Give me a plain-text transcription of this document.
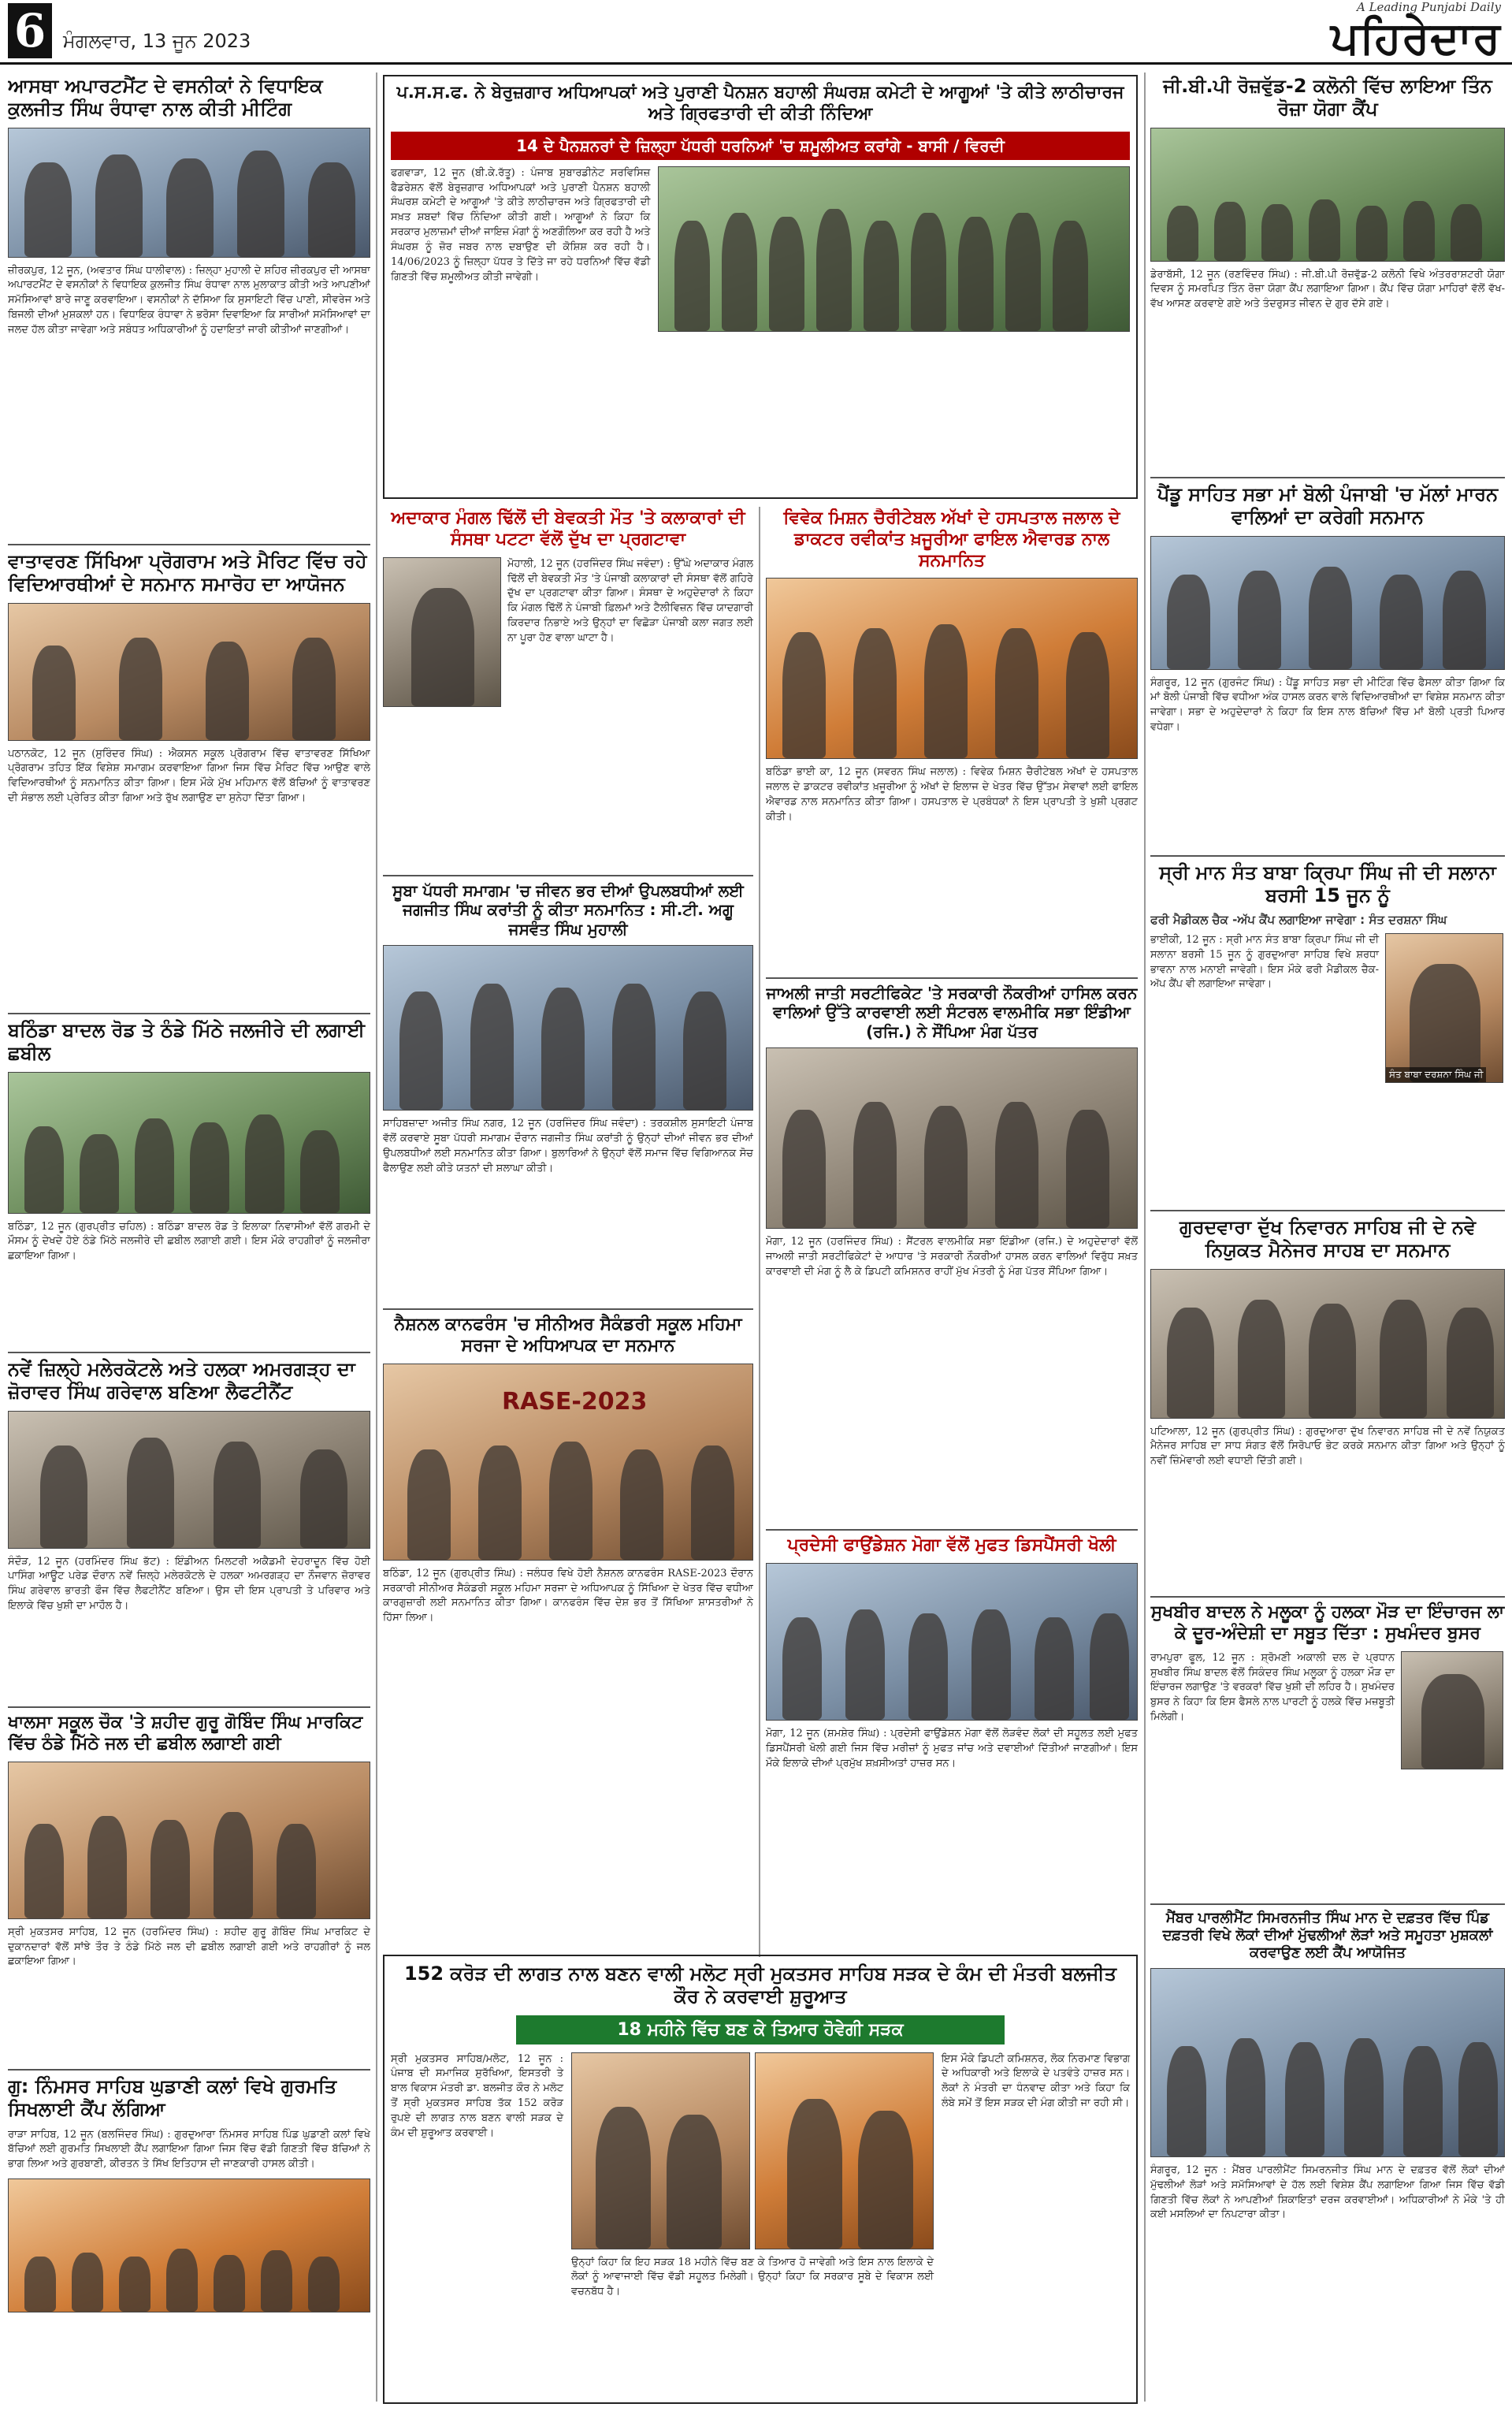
6 ਮੰਗਲਵਾਰ, 13 ਜੂਨ 2023
A Leading Punjabi Daily
ਪਹਿਰੇਦਾਰ
ਆਸਥਾ ਅਪਾਰਟਮੈਂਟ ਦੇ ਵਸਨੀਕਾਂ ਨੇ ਵਿਧਾਇਕ ਕੁਲਜੀਤ ਸਿੰਘ ਰੰਧਾਵਾ ਨਾਲ ਕੀਤੀ ਮੀਟਿੰਗ

ਜ਼ੀਰਕਪੁਰ, 12 ਜੂਨ, (ਅਵਤਾਰ ਸਿੰਘ ਧਾਲੀਵਾਲ) : ਜ਼ਿਲ੍ਹਾ ਮੁਹਾਲੀ ਦੇ ਸ਼ਹਿਰ ਜ਼ੀਰਕਪੁਰ ਦੀ ਆਸਥਾ ਅਪਾਰਟਮੈਂਟ ਦੇ ਵਸਨੀਕਾਂ ਨੇ ਵਿਧਾਇਕ ਕੁਲਜੀਤ ਸਿੰਘ ਰੰਧਾਵਾ ਨਾਲ ਮੁਲਾਕਾਤ ਕੀਤੀ ਅਤੇ ਆਪਣੀਆਂ ਸਮੱਸਿਆਵਾਂ ਬਾਰੇ ਜਾਣੂ ਕਰਵਾਇਆ। ਵਸਨੀਕਾਂ ਨੇ ਦੱਸਿਆ ਕਿ ਸੁਸਾਇਟੀ ਵਿੱਚ ਪਾਣੀ, ਸੀਵਰੇਜ ਅਤੇ ਬਿਜਲੀ ਦੀਆਂ ਮੁਸ਼ਕਲਾਂ ਹਨ। ਵਿਧਾਇਕ ਰੰਧਾਵਾ ਨੇ ਭਰੋਸਾ ਦਿਵਾਇਆ ਕਿ ਸਾਰੀਆਂ ਸਮੱਸਿਆਵਾਂ ਦਾ ਜਲਦ ਹੱਲ ਕੀਤਾ ਜਾਵੇਗਾ ਅਤੇ ਸਬੰਧਤ ਅਧਿਕਾਰੀਆਂ ਨੂੰ ਹਦਾਇਤਾਂ ਜਾਰੀ ਕੀਤੀਆਂ ਜਾਣਗੀਆਂ।

ਵਾਤਾਵਰਣ ਸਿੱਖਿਆ ਪ੍ਰੋਗਰਾਮ ਅਤੇ ਮੈਰਿਟ ਵਿੱਚ ਰਹੇ ਵਿਦਿਆਰਥੀਆਂ ਦੇ ਸਨਮਾਨ ਸਮਾਰੋਹ ਦਾ ਆਯੋਜਨ

ਪਠਾਨਕੋਟ, 12 ਜੂਨ (ਸੁਰਿੰਦਰ ਸਿੰਘ) : ਐਕਸਨ ਸਕੂਲ ਪ੍ਰੋਗਰਾਮ ਵਿੱਚ ਵਾਤਾਵਰਣ ਸਿੱਖਿਆ ਪ੍ਰੋਗਰਾਮ ਤਹਿਤ ਇੱਕ ਵਿਸ਼ੇਸ਼ ਸਮਾਗਮ ਕਰਵਾਇਆ ਗਿਆ ਜਿਸ ਵਿੱਚ ਮੈਰਿਟ ਵਿੱਚ ਆਉਣ ਵਾਲੇ ਵਿਦਿਆਰਥੀਆਂ ਨੂੰ ਸਨਮਾਨਿਤ ਕੀਤਾ ਗਿਆ। ਇਸ ਮੌਕੇ ਮੁੱਖ ਮਹਿਮਾਨ ਵੱਲੋਂ ਬੱਚਿਆਂ ਨੂੰ ਵਾਤਾਵਰਣ ਦੀ ਸੰਭਾਲ ਲਈ ਪ੍ਰੇਰਿਤ ਕੀਤਾ ਗਿਆ ਅਤੇ ਰੁੱਖ ਲਗਾਉਣ ਦਾ ਸੁਨੇਹਾ ਦਿੱਤਾ ਗਿਆ।

ਬਠਿੰਡਾ ਬਾਦਲ ਰੋਡ ਤੇ ਠੰਡੇ ਮਿੱਠੇ ਜਲਜੀਰੇ ਦੀ ਲਗਾਈ ਛਬੀਲ

ਬਠਿੰਡਾ, 12 ਜੂਨ (ਗੁਰਪ੍ਰੀਤ ਚਹਿਲ) : ਬਠਿੰਡਾ ਬਾਦਲ ਰੋਡ ਤੇ ਇਲਾਕਾ ਨਿਵਾਸੀਆਂ ਵੱਲੋਂ ਗਰਮੀ ਦੇ ਮੌਸਮ ਨੂੰ ਦੇਖਦੇ ਹੋਏ ਠੰਡੇ ਮਿੱਠੇ ਜਲਜੀਰੇ ਦੀ ਛਬੀਲ ਲਗਾਈ ਗਈ। ਇਸ ਮੌਕੇ ਰਾਹਗੀਰਾਂ ਨੂੰ ਜਲਜੀਰਾ ਛਕਾਇਆ ਗਿਆ।

ਨਵੇਂ ਜ਼ਿਲ੍ਹੇ ਮਲੇਰਕੋਟਲੇ ਅਤੇ ਹਲਕਾ ਅਮਰਗੜ੍ਹ ਦਾ ਜ਼ੋਰਾਵਰ ਸਿੰਘ ਗਰੇਵਾਲ ਬਣਿਆ ਲੈਫਟੀਨੈਂਟ

ਸੰਦੌੜ, 12 ਜੂਨ (ਹਰਮਿੰਦਰ ਸਿੰਘ ਭੱਟ) : ਇੰਡੀਅਨ ਮਿਲਟਰੀ ਅਕੈਡਮੀ ਦੇਹਰਾਦੂਨ ਵਿੱਚ ਹੋਈ ਪਾਸਿੰਗ ਆਊਟ ਪਰੇਡ ਦੌਰਾਨ ਨਵੇਂ ਜ਼ਿਲ੍ਹੇ ਮਲੇਰਕੋਟਲੇ ਦੇ ਹਲਕਾ ਅਮਰਗੜ੍ਹ ਦਾ ਨੌਜਵਾਨ ਜ਼ੋਰਾਵਰ ਸਿੰਘ ਗਰੇਵਾਲ ਭਾਰਤੀ ਫੌਜ ਵਿੱਚ ਲੈਫਟੀਨੈਂਟ ਬਣਿਆ। ਉਸ ਦੀ ਇਸ ਪ੍ਰਾਪਤੀ ਤੇ ਪਰਿਵਾਰ ਅਤੇ ਇਲਾਕੇ ਵਿੱਚ ਖੁਸ਼ੀ ਦਾ ਮਾਹੌਲ ਹੈ।

ਖਾਲਸਾ ਸਕੂਲ ਚੌਕ 'ਤੇ ਸ਼ਹੀਦ ਗੁਰੂ ਗੋਬਿੰਦ ਸਿੰਘ ਮਾਰਕਿਟ ਵਿੱਚ ਠੰਡੇ ਮਿੱਠੇ ਜਲ ਦੀ ਛਬੀਲ ਲਗਾਈ ਗਈ

ਸ੍ਰੀ ਮੁਕਤਸਰ ਸਾਹਿਬ, 12 ਜੂਨ (ਹਰਮਿੰਦਰ ਸਿੰਘ) : ਸ਼ਹੀਦ ਗੁਰੂ ਗੋਬਿੰਦ ਸਿੰਘ ਮਾਰਕਿਟ ਦੇ ਦੁਕਾਨਦਾਰਾਂ ਵੱਲੋਂ ਸਾਂਝੇ ਤੌਰ ਤੇ ਠੰਡੇ ਮਿੱਠੇ ਜਲ ਦੀ ਛਬੀਲ ਲਗਾਈ ਗਈ ਅਤੇ ਰਾਹਗੀਰਾਂ ਨੂੰ ਜਲ ਛਕਾਇਆ ਗਿਆ।

ਗੁ: ਨਿੰਮਸਰ ਸਾਹਿਬ ਘੁਡਾਣੀ ਕਲਾਂ ਵਿਖੇ ਗੁਰਮਤਿ ਸਿਖਲਾਈ ਕੈਂਪ ਲੱਗਿਆ

ਰਾੜਾ ਸਾਹਿਬ, 12 ਜੂਨ (ਬਲਜਿੰਦਰ ਸਿੰਘ) : ਗੁਰਦੁਆਰਾ ਨਿੰਮਸਰ ਸਾਹਿਬ ਪਿੰਡ ਘੁਡਾਣੀ ਕਲਾਂ ਵਿਖੇ ਬੱਚਿਆਂ ਲਈ ਗੁਰਮਤਿ ਸਿਖਲਾਈ ਕੈਂਪ ਲਗਾਇਆ ਗਿਆ ਜਿਸ ਵਿੱਚ ਵੱਡੀ ਗਿਣਤੀ ਵਿੱਚ ਬੱਚਿਆਂ ਨੇ ਭਾਗ ਲਿਆ ਅਤੇ ਗੁਰਬਾਣੀ, ਕੀਰਤਨ ਤੇ ਸਿੱਖ ਇਤਿਹਾਸ ਦੀ ਜਾਣਕਾਰੀ ਹਾਸਲ ਕੀਤੀ।

ਪ.ਸ.ਸ.ਫ. ਨੇ ਬੇਰੁਜ਼ਗਾਰ ਅਧਿਆਪਕਾਂ ਅਤੇ ਪੁਰਾਣੀ ਪੈਨਸ਼ਨ ਬਹਾਲੀ ਸੰਘਰਸ਼ ਕਮੇਟੀ ਦੇ ਆਗੂਆਂ 'ਤੇ ਕੀਤੇ ਲਾਠੀਚਾਰਜ ਅਤੇ ਗ੍ਰਿਫਤਾਰੀ ਦੀ ਕੀਤੀ ਨਿੰਦਿਆ
14 ਦੇ ਪੈਨਸ਼ਨਰਾਂ ਦੇ ਜ਼ਿਲ੍ਹਾ ਪੱਧਰੀ ਧਰਨਿਆਂ 'ਚ ਸ਼ਮੂਲੀਅਤ ਕਰਾਂਗੇ - ਬਾਸੀ / ਵਿਰਦੀ

ਫਗਵਾੜਾ, 12 ਜੂਨ (ਬੀ.ਕੇ.ਰੱਤੂ) : ਪੰਜਾਬ ਸੁਬਾਰਡੀਨੇਟ ਸਰਵਿਸਿਜ਼ ਫੈਡਰੇਸ਼ਨ ਵੱਲੋਂ ਬੇਰੁਜ਼ਗਾਰ ਅਧਿਆਪਕਾਂ ਅਤੇ ਪੁਰਾਣੀ ਪੈਨਸ਼ਨ ਬਹਾਲੀ ਸੰਘਰਸ਼ ਕਮੇਟੀ ਦੇ ਆਗੂਆਂ 'ਤੇ ਕੀਤੇ ਲਾਠੀਚਾਰਜ ਅਤੇ ਗ੍ਰਿਫਤਾਰੀ ਦੀ ਸਖ਼ਤ ਸ਼ਬਦਾਂ ਵਿੱਚ ਨਿੰਦਿਆ ਕੀਤੀ ਗਈ। ਆਗੂਆਂ ਨੇ ਕਿਹਾ ਕਿ ਸਰਕਾਰ ਮੁਲਾਜ਼ਮਾਂ ਦੀਆਂ ਜਾਇਜ਼ ਮੰਗਾਂ ਨੂੰ ਅਣਗੌਲਿਆ ਕਰ ਰਹੀ ਹੈ ਅਤੇ ਸੰਘਰਸ਼ ਨੂੰ ਜ਼ੋਰ ਜਬਰ ਨਾਲ ਦਬਾਉਣ ਦੀ ਕੋਸ਼ਿਸ਼ ਕਰ ਰਹੀ ਹੈ। 14/06/2023 ਨੂੰ ਜ਼ਿਲ੍ਹਾ ਪੱਧਰ ਤੇ ਦਿੱਤੇ ਜਾ ਰਹੇ ਧਰਨਿਆਂ ਵਿੱਚ ਵੱਡੀ ਗਿਣਤੀ ਵਿੱਚ ਸ਼ਮੂਲੀਅਤ ਕੀਤੀ ਜਾਵੇਗੀ।

ਅਦਾਕਾਰ ਮੰਗਲ ਢਿੱਲੋਂ ਦੀ ਬੇਵਕਤੀ ਮੌਤ 'ਤੇ ਕਲਾਕਾਰਾਂ ਦੀ ਸੰਸਥਾ ਪਟਟਾ ਵੱਲੋਂ ਦੁੱਖ ਦਾ ਪ੍ਰਗਟਾਵਾ

ਮੋਹਾਲੀ, 12 ਜੂਨ (ਹਰਜਿੰਦਰ ਸਿੰਘ ਜਵੰਦਾ) : ਉੱਘੇ ਅਦਾਕਾਰ ਮੰਗਲ ਢਿੱਲੋਂ ਦੀ ਬੇਵਕਤੀ ਮੌਤ 'ਤੇ ਪੰਜਾਬੀ ਕਲਾਕਾਰਾਂ ਦੀ ਸੰਸਥਾ ਵੱਲੋਂ ਗਹਿਰੇ ਦੁੱਖ ਦਾ ਪ੍ਰਗਟਾਵਾ ਕੀਤਾ ਗਿਆ। ਸੰਸਥਾ ਦੇ ਅਹੁਦੇਦਾਰਾਂ ਨੇ ਕਿਹਾ ਕਿ ਮੰਗਲ ਢਿੱਲੋਂ ਨੇ ਪੰਜਾਬੀ ਫ਼ਿਲਮਾਂ ਅਤੇ ਟੈਲੀਵਿਜ਼ਨ ਵਿੱਚ ਯਾਦਗਾਰੀ ਕਿਰਦਾਰ ਨਿਭਾਏ ਅਤੇ ਉਨ੍ਹਾਂ ਦਾ ਵਿਛੋੜਾ ਪੰਜਾਬੀ ਕਲਾ ਜਗਤ ਲਈ ਨਾ ਪੂਰਾ ਹੋਣ ਵਾਲਾ ਘਾਟਾ ਹੈ।

ਸੂਬਾ ਪੱਧਰੀ ਸਮਾਗਮ 'ਚ ਜੀਵਨ ਭਰ ਦੀਆਂ ਉਪਲਬਧੀਆਂ ਲਈ ਜਗਜੀਤ ਸਿੰਘ ਕਰਾਂਤੀ ਨੂੰ ਕੀਤਾ ਸਨਮਾਨਿਤ : ਸੀ.ਟੀ. ਅਗੂ ਜਸਵੰਤ ਸਿੰਘ ਮੁਹਾਲੀ

ਸਾਹਿਬਜ਼ਾਦਾ ਅਜੀਤ ਸਿੰਘ ਨਗਰ, 12 ਜੂਨ (ਹਰਜਿੰਦਰ ਸਿੰਘ ਜਵੰਦਾ) : ਤਰਕਸ਼ੀਲ ਸੁਸਾਇਟੀ ਪੰਜਾਬ ਵੱਲੋਂ ਕਰਵਾਏ ਸੂਬਾ ਪੱਧਰੀ ਸਮਾਗਮ ਦੌਰਾਨ ਜਗਜੀਤ ਸਿੰਘ ਕਰਾਂਤੀ ਨੂੰ ਉਨ੍ਹਾਂ ਦੀਆਂ ਜੀਵਨ ਭਰ ਦੀਆਂ ਉਪਲਬਧੀਆਂ ਲਈ ਸਨਮਾਨਿਤ ਕੀਤਾ ਗਿਆ। ਬੁਲਾਰਿਆਂ ਨੇ ਉਨ੍ਹਾਂ ਵੱਲੋਂ ਸਮਾਜ ਵਿੱਚ ਵਿਗਿਆਨਕ ਸੋਚ ਫੈਲਾਉਣ ਲਈ ਕੀਤੇ ਯਤਨਾਂ ਦੀ ਸ਼ਲਾਘਾ ਕੀਤੀ।

ਨੈਸ਼ਨਲ ਕਾਨਫਰੰਸ 'ਚ ਸੀਨੀਅਰ ਸੈਕੰਡਰੀ ਸਕੂਲ ਮਹਿਮਾ ਸਰਜਾ ਦੇ ਅਧਿਆਪਕ ਦਾ ਸਨਮਾਨ
RASE-2023

ਬਠਿੰਡਾ, 12 ਜੂਨ (ਗੁਰਪ੍ਰੀਤ ਸਿੰਘ) : ਜਲੰਧਰ ਵਿਖੇ ਹੋਈ ਨੈਸ਼ਨਲ ਕਾਨਫਰੰਸ RASE-2023 ਦੌਰਾਨ ਸਰਕਾਰੀ ਸੀਨੀਅਰ ਸੈਕੰਡਰੀ ਸਕੂਲ ਮਹਿਮਾ ਸਰਜਾ ਦੇ ਅਧਿਆਪਕ ਨੂੰ ਸਿੱਖਿਆ ਦੇ ਖੇਤਰ ਵਿੱਚ ਵਧੀਆ ਕਾਰਗੁਜ਼ਾਰੀ ਲਈ ਸਨਮਾਨਿਤ ਕੀਤਾ ਗਿਆ। ਕਾਨਫਰੰਸ ਵਿੱਚ ਦੇਸ਼ ਭਰ ਤੋਂ ਸਿੱਖਿਆ ਸ਼ਾਸਤਰੀਆਂ ਨੇ ਹਿੱਸਾ ਲਿਆ।

ਵਿਵੇਕ ਮਿਸ਼ਨ ਚੈਰੀਟੇਬਲ ਅੱਖਾਂ ਦੇ ਹਸਪਤਾਲ ਜਲਾਲ ਦੇ ਡਾਕਟਰ ਰਵੀਕਾਂਤ ਖ਼ਜੂਰੀਆ ਫਾਇਲ ਐਵਾਰਡ ਨਾਲ ਸਨਮਾਨਿਤ

ਬਠਿੰਡਾ ਭਾਈ ਕਾ, 12 ਜੂਨ (ਸਵਰਨ ਸਿੰਘ ਜਲਾਲ) : ਵਿਵੇਕ ਮਿਸ਼ਨ ਚੈਰੀਟੇਬਲ ਅੱਖਾਂ ਦੇ ਹਸਪਤਾਲ ਜਲਾਲ ਦੇ ਡਾਕਟਰ ਰਵੀਕਾਂਤ ਖ਼ਜੂਰੀਆ ਨੂੰ ਅੱਖਾਂ ਦੇ ਇਲਾਜ ਦੇ ਖੇਤਰ ਵਿੱਚ ਉੱਤਮ ਸੇਵਾਵਾਂ ਲਈ ਫਾਇਲ ਐਵਾਰਡ ਨਾਲ ਸਨਮਾਨਿਤ ਕੀਤਾ ਗਿਆ। ਹਸਪਤਾਲ ਦੇ ਪ੍ਰਬੰਧਕਾਂ ਨੇ ਇਸ ਪ੍ਰਾਪਤੀ ਤੇ ਖੁਸ਼ੀ ਪ੍ਰਗਟ ਕੀਤੀ।

ਜਾਅਲੀ ਜਾਤੀ ਸਰਟੀਫਿਕੇਟ 'ਤੇ ਸਰਕਾਰੀ ਨੌਕਰੀਆਂ ਹਾਸਿਲ ਕਰਨ ਵਾਲਿਆਂ ਉੱਤੇ ਕਾਰਵਾਈ ਲਈ ਸੰਟਰਲ ਵਾਲਮੀਕਿ ਸਭਾ ਇੰਡੀਆ (ਰਜਿ.) ਨੇ ਸੌਂਪਿਆ ਮੰਗ ਪੱਤਰ

ਮੋਗਾ, 12 ਜੂਨ (ਹਰਜਿੰਦਰ ਸਿੰਘ) : ਸੈਂਟਰਲ ਵਾਲਮੀਕਿ ਸਭਾ ਇੰਡੀਆ (ਰਜਿ.) ਦੇ ਅਹੁਦੇਦਾਰਾਂ ਵੱਲੋਂ ਜਾਅਲੀ ਜਾਤੀ ਸਰਟੀਫਿਕੇਟਾਂ ਦੇ ਆਧਾਰ 'ਤੇ ਸਰਕਾਰੀ ਨੌਕਰੀਆਂ ਹਾਸਲ ਕਰਨ ਵਾਲਿਆਂ ਵਿਰੁੱਧ ਸਖ਼ਤ ਕਾਰਵਾਈ ਦੀ ਮੰਗ ਨੂੰ ਲੈ ਕੇ ਡਿਪਟੀ ਕਮਿਸ਼ਨਰ ਰਾਹੀਂ ਮੁੱਖ ਮੰਤਰੀ ਨੂੰ ਮੰਗ ਪੱਤਰ ਸੌਂਪਿਆ ਗਿਆ।

ਪ੍ਰਦੇਸੀ ਫਾਉਂਡੇਸ਼ਨ ਮੋਗਾ ਵੱਲੋਂ ਮੁਫਤ ਡਿਸਪੈਂਸਰੀ ਖੋਲੀ

ਮੋਗਾ, 12 ਜੂਨ (ਸ਼ਮਸ਼ੇਰ ਸਿੰਘ) : ਪ੍ਰਦੇਸੀ ਫਾਉਂਡੇਸ਼ਨ ਮੋਗਾ ਵੱਲੋਂ ਲੋੜਵੰਦ ਲੋਕਾਂ ਦੀ ਸਹੂਲਤ ਲਈ ਮੁਫਤ ਡਿਸਪੈਂਸਰੀ ਖੋਲੀ ਗਈ ਜਿਸ ਵਿੱਚ ਮਰੀਜ਼ਾਂ ਨੂੰ ਮੁਫਤ ਜਾਂਚ ਅਤੇ ਦਵਾਈਆਂ ਦਿੱਤੀਆਂ ਜਾਣਗੀਆਂ। ਇਸ ਮੌਕੇ ਇਲਾਕੇ ਦੀਆਂ ਪ੍ਰਮੁੱਖ ਸ਼ਖ਼ਸੀਅਤਾਂ ਹਾਜ਼ਰ ਸਨ।

152 ਕਰੋੜ ਦੀ ਲਾਗਤ ਨਾਲ ਬਣਨ ਵਾਲੀ ਮਲੋਟ ਸ੍ਰੀ ਮੁਕਤਸਰ ਸਾਹਿਬ ਸੜਕ ਦੇ ਕੰਮ ਦੀ ਮੰਤਰੀ ਬਲਜੀਤ ਕੌਰ ਨੇ ਕਰਵਾਈ ਸ਼ੁਰੂਆਤ
18 ਮਹੀਨੇ ਵਿੱਚ ਬਣ ਕੇ ਤਿਆਰ ਹੋਵੇਗੀ ਸੜਕ

ਸ੍ਰੀ ਮੁਕਤਸਰ ਸਾਹਿਬ/ਮਲੋਟ, 12 ਜੂਨ : ਪੰਜਾਬ ਦੀ ਸਮਾਜਿਕ ਸੁਰੱਖਿਆ, ਇਸਤਰੀ ਤੇ ਬਾਲ ਵਿਕਾਸ ਮੰਤਰੀ ਡਾ. ਬਲਜੀਤ ਕੌਰ ਨੇ ਮਲੋਟ ਤੋਂ ਸ੍ਰੀ ਮੁਕਤਸਰ ਸਾਹਿਬ ਤੱਕ 152 ਕਰੋੜ ਰੁਪਏ ਦੀ ਲਾਗਤ ਨਾਲ ਬਣਨ ਵਾਲੀ ਸੜਕ ਦੇ ਕੰਮ ਦੀ ਸ਼ੁਰੂਆਤ ਕਰਵਾਈ।

ਉਨ੍ਹਾਂ ਕਿਹਾ ਕਿ ਇਹ ਸੜਕ 18 ਮਹੀਨੇ ਵਿੱਚ ਬਣ ਕੇ ਤਿਆਰ ਹੋ ਜਾਵੇਗੀ ਅਤੇ ਇਸ ਨਾਲ ਇਲਾਕੇ ਦੇ ਲੋਕਾਂ ਨੂੰ ਆਵਾਜਾਈ ਵਿੱਚ ਵੱਡੀ ਸਹੂਲਤ ਮਿਲੇਗੀ। ਉਨ੍ਹਾਂ ਕਿਹਾ ਕਿ ਸਰਕਾਰ ਸੂਬੇ ਦੇ ਵਿਕਾਸ ਲਈ ਵਚਨਬੱਧ ਹੈ।

ਇਸ ਮੌਕੇ ਡਿਪਟੀ ਕਮਿਸ਼ਨਰ, ਲੋਕ ਨਿਰਮਾਣ ਵਿਭਾਗ ਦੇ ਅਧਿਕਾਰੀ ਅਤੇ ਇਲਾਕੇ ਦੇ ਪਤਵੰਤੇ ਹਾਜ਼ਰ ਸਨ। ਲੋਕਾਂ ਨੇ ਮੰਤਰੀ ਦਾ ਧੰਨਵਾਦ ਕੀਤਾ ਅਤੇ ਕਿਹਾ ਕਿ ਲੰਬੇ ਸਮੇਂ ਤੋਂ ਇਸ ਸੜਕ ਦੀ ਮੰਗ ਕੀਤੀ ਜਾ ਰਹੀ ਸੀ।

ਜੀ.ਬੀ.ਪੀ ਰੋਜ਼ਵੁੱਡ-2 ਕਲੋਨੀ ਵਿੱਚ ਲਾਇਆ ਤਿੰਨ ਰੋਜ਼ਾ ਯੋਗਾ ਕੈਂਪ

ਡੇਰਾਬੱਸੀ, 12 ਜੂਨ (ਰਣਵਿੰਦਰ ਸਿੰਘ) : ਜੀ.ਬੀ.ਪੀ ਰੋਜ਼ਵੁੱਡ-2 ਕਲੋਨੀ ਵਿਖੇ ਅੰਤਰਰਾਸ਼ਟਰੀ ਯੋਗਾ ਦਿਵਸ ਨੂੰ ਸਮਰਪਿਤ ਤਿੰਨ ਰੋਜ਼ਾ ਯੋਗਾ ਕੈਂਪ ਲਗਾਇਆ ਗਿਆ। ਕੈਂਪ ਵਿੱਚ ਯੋਗਾ ਮਾਹਿਰਾਂ ਵੱਲੋਂ ਵੱਖ-ਵੱਖ ਆਸਣ ਕਰਵਾਏ ਗਏ ਅਤੇ ਤੰਦਰੁਸਤ ਜੀਵਨ ਦੇ ਗੁਰ ਦੱਸੇ ਗਏ।

ਪੈਂਡੂ ਸਾਹਿਤ ਸਭਾ ਮਾਂ ਬੋਲੀ ਪੰਜਾਬੀ 'ਚ ਮੱਲਾਂ ਮਾਰਨ ਵਾਲਿਆਂ ਦਾ ਕਰੇਗੀ ਸਨਮਾਨ

ਸੰਗਰੂਰ, 12 ਜੂਨ (ਗੁਰਜੰਟ ਸਿੰਘ) : ਪੈਂਡੂ ਸਾਹਿਤ ਸਭਾ ਦੀ ਮੀਟਿੰਗ ਵਿੱਚ ਫੈਸਲਾ ਕੀਤਾ ਗਿਆ ਕਿ ਮਾਂ ਬੋਲੀ ਪੰਜਾਬੀ ਵਿੱਚ ਵਧੀਆ ਅੰਕ ਹਾਸਲ ਕਰਨ ਵਾਲੇ ਵਿਦਿਆਰਥੀਆਂ ਦਾ ਵਿਸ਼ੇਸ਼ ਸਨਮਾਨ ਕੀਤਾ ਜਾਵੇਗਾ। ਸਭਾ ਦੇ ਅਹੁਦੇਦਾਰਾਂ ਨੇ ਕਿਹਾ ਕਿ ਇਸ ਨਾਲ ਬੱਚਿਆਂ ਵਿੱਚ ਮਾਂ ਬੋਲੀ ਪ੍ਰਤੀ ਪਿਆਰ ਵਧੇਗਾ।

ਸ੍ਰੀ ਮਾਨ ਸੰਤ ਬਾਬਾ ਕ੍ਰਿਪਾ ਸਿੰਘ ਜੀ ਦੀ ਸਲਾਨਾ ਬਰਸੀ 15 ਜੂਨ ਨੂੰ
ਫਰੀ ਮੈਡੀਕਲ ਚੈਕ -ਅੱਪ ਕੈਂਪ ਲਗਾਇਆ ਜਾਵੇਗਾ : ਸੰਤ ਦਰਸ਼ਨਾ ਸਿੰਘ

ਭਾਈਕੀ, 12 ਜੂਨ : ਸ੍ਰੀ ਮਾਨ ਸੰਤ ਬਾਬਾ ਕ੍ਰਿਪਾ ਸਿੰਘ ਜੀ ਦੀ ਸਲਾਨਾ ਬਰਸੀ 15 ਜੂਨ ਨੂੰ ਗੁਰਦੁਆਰਾ ਸਾਹਿਬ ਵਿਖੇ ਸ਼ਰਧਾ ਭਾਵਨਾ ਨਾਲ ਮਨਾਈ ਜਾਵੇਗੀ। ਇਸ ਮੌਕੇ ਫਰੀ ਮੈਡੀਕਲ ਚੈਕ-ਅੱਪ ਕੈਂਪ ਵੀ ਲਗਾਇਆ ਜਾਵੇਗਾ।

ਸੰਤ ਬਾਬਾ ਦਰਸ਼ਨਾ ਸਿੰਘ ਜੀ
ਗੁਰਦਵਾਰਾ ਦੁੱਖ ਨਿਵਾਰਨ ਸਾਹਿਬ ਜੀ ਦੇ ਨਵੇ ਨਿਯੁਕਤ ਮੈਨੇਜਰ ਸਾਹਬ ਦਾ ਸਨਮਾਨ

ਪਟਿਆਲਾ, 12 ਜੂਨ (ਗੁਰਪ੍ਰੀਤ ਸਿੰਘ) : ਗੁਰਦੁਆਰਾ ਦੁੱਖ ਨਿਵਾਰਨ ਸਾਹਿਬ ਜੀ ਦੇ ਨਵੇਂ ਨਿਯੁਕਤ ਮੈਨੇਜਰ ਸਾਹਿਬ ਦਾ ਸਾਧ ਸੰਗਤ ਵੱਲੋਂ ਸਿਰੋਪਾਓ ਭੇਟ ਕਰਕੇ ਸਨਮਾਨ ਕੀਤਾ ਗਿਆ ਅਤੇ ਉਨ੍ਹਾਂ ਨੂੰ ਨਵੀਂ ਜ਼ਿੰਮੇਵਾਰੀ ਲਈ ਵਧਾਈ ਦਿੱਤੀ ਗਈ।

ਸੁਖਬੀਰ ਬਾਦਲ ਨੇ ਮਲੂਕਾ ਨੂੰ ਹਲਕਾ ਮੌੜ ਦਾ ਇੰਚਾਰਜ ਲਾ ਕੇ ਦੂਰ-ਅੰਦੇਸ਼ੀ ਦਾ ਸਬੂਤ ਦਿੱਤਾ : ਸੁਖਮੰਦਰ ਬੁਸਰ

ਰਾਮਪੁਰਾ ਫੂਲ, 12 ਜੂਨ : ਸ਼੍ਰੋਮਣੀ ਅਕਾਲੀ ਦਲ ਦੇ ਪ੍ਰਧਾਨ ਸੁਖਬੀਰ ਸਿੰਘ ਬਾਦਲ ਵੱਲੋਂ ਸਿਕੰਦਰ ਸਿੰਘ ਮਲੂਕਾ ਨੂੰ ਹਲਕਾ ਮੌੜ ਦਾ ਇੰਚਾਰਜ ਲਗਾਉਣ 'ਤੇ ਵਰਕਰਾਂ ਵਿੱਚ ਖੁਸ਼ੀ ਦੀ ਲਹਿਰ ਹੈ। ਸੁਖਮੰਦਰ ਬੁਸਰ ਨੇ ਕਿਹਾ ਕਿ ਇਸ ਫੈਸਲੇ ਨਾਲ ਪਾਰਟੀ ਨੂੰ ਹਲਕੇ ਵਿੱਚ ਮਜ਼ਬੂਤੀ ਮਿਲੇਗੀ।

ਮੈਂਬਰ ਪਾਰਲੀਮੈਂਟ ਸਿਮਰਨਜੀਤ ਸਿੰਘ ਮਾਨ ਦੇ ਦਫ਼ਤਰ ਵਿੱਚ ਪਿੰਡ ਦਫ਼ਤਰੀ ਵਿਖੇ ਲੋਕਾਂ ਦੀਆਂ ਮੁੱਢਲੀਆਂ ਲੋੜਾਂ ਅਤੇ ਸਮੂਹਤਾ ਮੁਸ਼ਕਲਾਂ ਕਰਵਾਉਣ ਲਈ ਕੈਂਪ ਆਯੋਜਿਤ

ਸੰਗਰੂਰ, 12 ਜੂਨ : ਮੈਂਬਰ ਪਾਰਲੀਮੈਂਟ ਸਿਮਰਨਜੀਤ ਸਿੰਘ ਮਾਨ ਦੇ ਦਫ਼ਤਰ ਵੱਲੋਂ ਲੋਕਾਂ ਦੀਆਂ ਮੁੱਢਲੀਆਂ ਲੋੜਾਂ ਅਤੇ ਸਮੱਸਿਆਵਾਂ ਦੇ ਹੱਲ ਲਈ ਵਿਸ਼ੇਸ਼ ਕੈਂਪ ਲਗਾਇਆ ਗਿਆ ਜਿਸ ਵਿੱਚ ਵੱਡੀ ਗਿਣਤੀ ਵਿੱਚ ਲੋਕਾਂ ਨੇ ਆਪਣੀਆਂ ਸ਼ਿਕਾਇਤਾਂ ਦਰਜ ਕਰਵਾਈਆਂ। ਅਧਿਕਾਰੀਆਂ ਨੇ ਮੌਕੇ 'ਤੇ ਹੀ ਕਈ ਮਸਲਿਆਂ ਦਾ ਨਿਪਟਾਰਾ ਕੀਤਾ।
